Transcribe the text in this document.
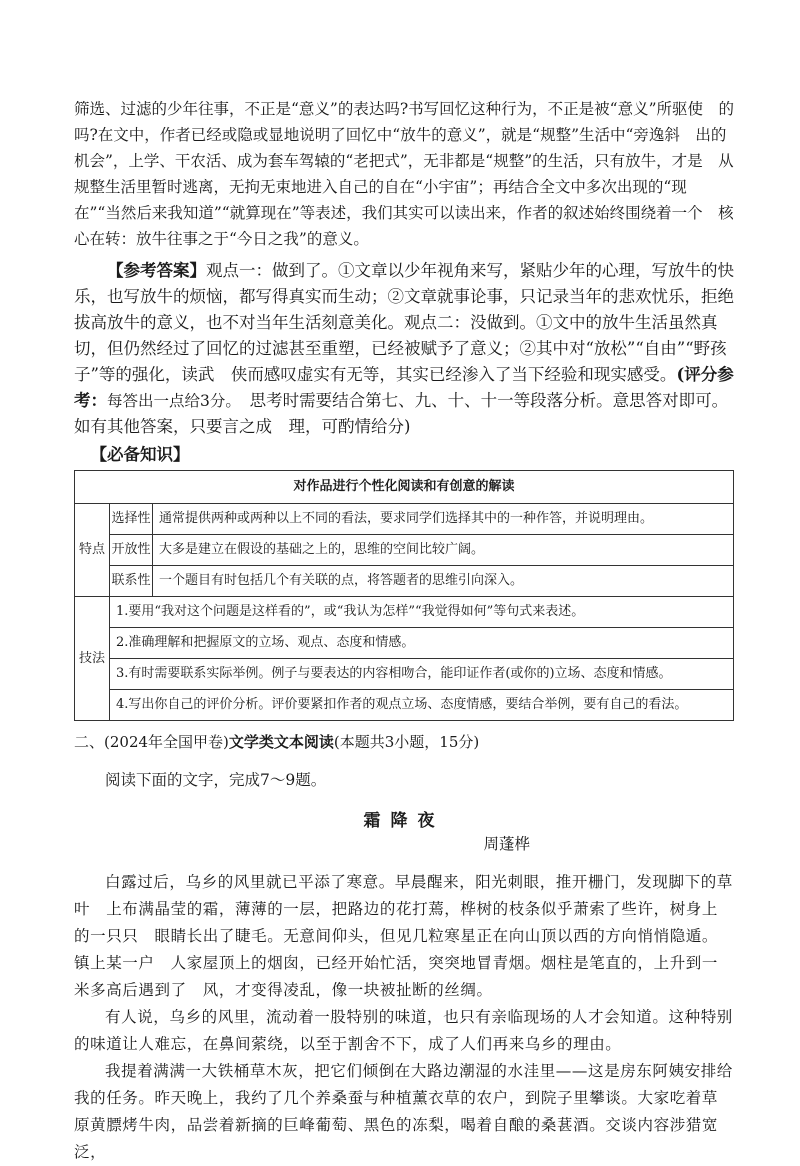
筛选、过滤的少年往事，不正是“意义”的表达吗?书写回忆这种行为，不正是被“意义”所驱使　的吗?在文中，作者已经或隐或显地说明了回忆中“放牛的意义”，就是“规整”生活中“旁逸斜　出的机会”，上学、干农活、成为套车驾辕的“老把式”，无非都是“规整”的生活，只有放牛，才是　从规整生活里暂时逃离，无拘无束地进入自己的自在“小宇宙”；再结合全文中多次出现的“现　在”“当然后来我知道”“就算现在”等表述，我们其实可以读出来，作者的叙述始终围绕着一个　核心在转：放牛往事之于“今日之我”的意义。

【参考答案】观点一：做到了。①文章以少年视角来写，紧贴少年的心理，写放牛的快乐，也写放牛的烦恼，都写得真实而生动；②文章就事论事，只记录当年的悲欢忧乐，拒绝拔高放牛的意义，也不对当年生活刻意美化。观点二：没做到。①文中的放牛生活虽然真切，但仍然经过了回忆的过滤甚至重塑，已经被赋予了意义；②其中对“放松”“自由”“野孩子”等的强化，读武　侠而感叹虚实有无等，其实已经渗入了当下经验和现实感受。(评分参考：每答出一点给3分。　 思考时需要结合第七、九、十、十一等段落分析。意思答对即可。如有其他答案，只要言之成　理，可酌情给分)

【必备知识】

对作品进行个性化阅读和有创意的解读		
特点	选择性	通常提供两种或两种以上不同的看法，要求同学们选择其中的一种作答，并说明理由。
	开放性	大多是建立在假设的基础之上的，思维的空间比较广阔。
	联系性	一个题目有时包括几个有关联的点，将答题者的思维引向深入。
技法	1.要用“我对这个问题是这样看的”，或“我认为怎样”“我觉得如何”等句式来表述。	
	2.准确理解和把握原文的立场、观点、态度和情感。	
	3.有时需要联系实际举例。例子与要表达的内容相吻合，能印证作者(或你的)立场、态度和情感。	
	4.写出你自己的评价分析。评价要紧扣作者的观点立场、态度情感，要结合举例，要有自己的看法。	

二、(2024年全国甲卷)文学类文本阅读(本题共3小题，15分)

阅读下面的文字，完成7～9题。

霜降夜

周蓬桦

白露过后，乌乡的风里就已平添了寒意。早晨醒来，阳光刺眼，推开栅门，发现脚下的草叶　上布满晶莹的霜，薄薄的一层，把路边的花打蔫，桦树的枝条似乎萧索了些许，树身上的一只只　眼睛长出了睫毛。无意间仰头，但见几粒寒星正在向山顶以西的方向悄悄隐遁。镇上某一户　人家屋顶上的烟囱，已经开始忙活，突突地冒青烟。烟柱是笔直的，上升到一米多高后遇到了　风，才变得凌乱，像一块被扯断的丝绸。

有人说，乌乡的风里，流动着一股特别的味道，也只有亲临现场的人才会知道。这种特别　的味道让人难忘，在鼻间萦绕，以至于割舍不下，成了人们再来乌乡的理由。

我提着满满一大铁桶草木灰，把它们倾倒在大路边潮湿的水洼里——这是房东阿姨安排给我的任务。昨天晚上，我约了几个养桑蚕与种植薰衣草的农户，到院子里攀谈。大家吃着草原黄膘烤牛肉，品尝着新摘的巨峰葡萄、黑色的冻梨，喝着自酿的桑葚酒。交谈内容涉猎宽泛，
